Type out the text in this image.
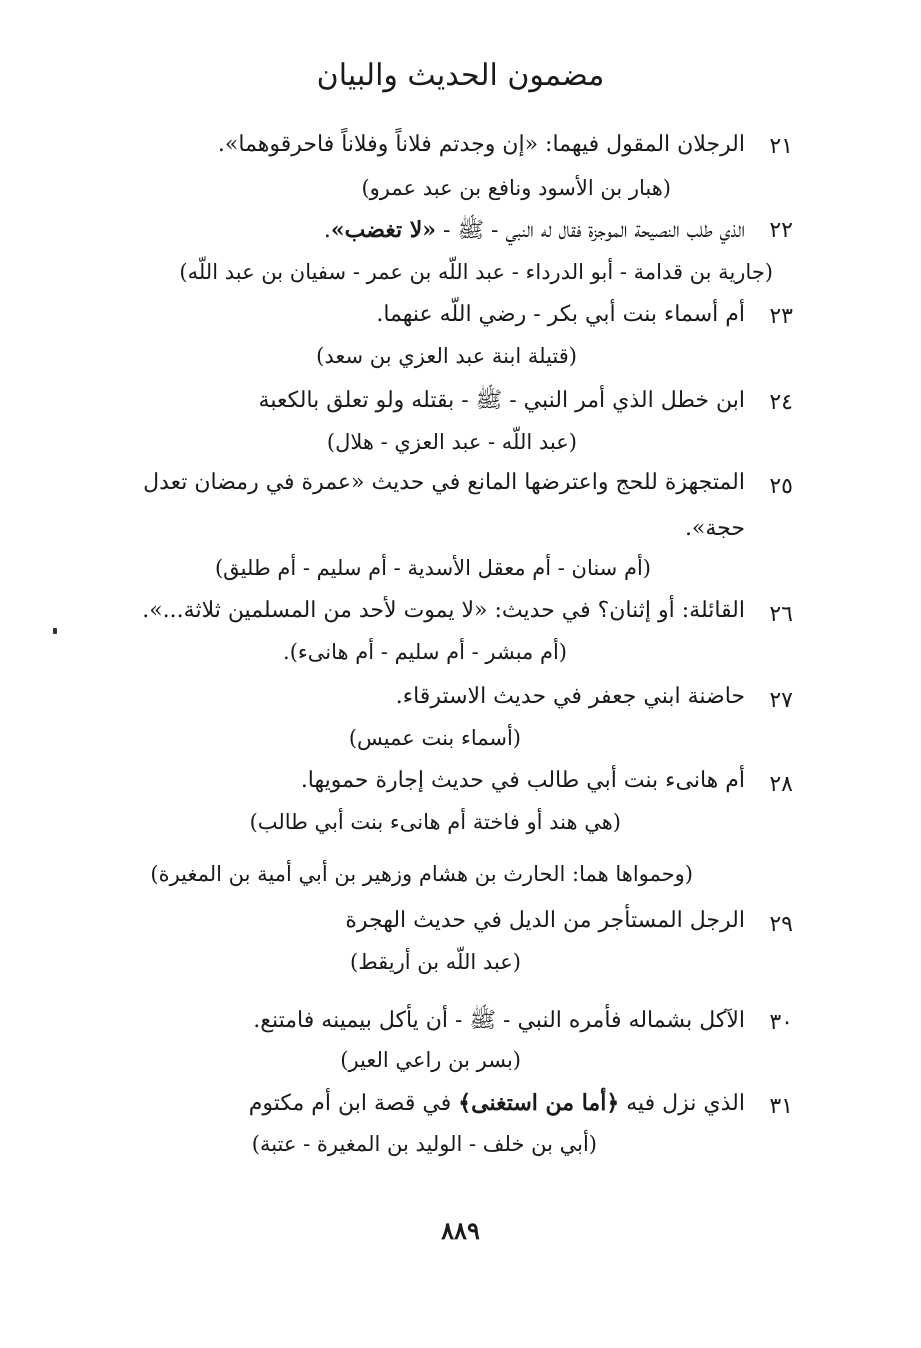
مضمون الحديث والبيان
٢١
الرجلان المقول فيهما: «إن وجدتم فلاناً وفلاناً فاحرقوهما».
(هبار بن الأسود ونافع بن عبد عمرو)
٢٢
الذي طلب النصيحة الموجزة فقال له النبي - ﷺ - «لا تغضب».
(جارية بن قدامة - أبو الدرداء - عبد اللّه بن عمر - سفيان بن عبد اللّه)
٢٣
أم أسماء بنت أبي بكر - رضي اللّه عنهما.
(قتيلة ابنة عبد العزي بن سعد)
٢٤
ابن خطل الذي أمر النبي - ﷺ - بقتله ولو تعلق بالكعبة
(عبد اللّه - عبد العزي - هلال)
٢٥
المتجهزة للحج واعترضها المانع في حديث «عمرة في رمضان تعدل
حجة».
(أم سنان - أم معقل الأسدية - أم سليم - أم طليق)
٢٦
القائلة: أو إثنان؟ في حديث: «لا يموت لأحد من المسلمين ثلاثة...».
(أم مبشر - أم سليم - أم هانىء).
٢٧
حاضنة ابني جعفر في حديث الاسترقاء.
(أسماء بنت عميس)
٢٨
أم هانىء بنت أبي طالب في حديث إجارة حمويها.
(هي هند أو فاختة أم هانىء بنت أبي طالب)
(وحمواها هما: الحارث بن هشام وزهير بن أبي أمية بن المغيرة)
٢٩
الرجل المستأجر من الديل في حديث الهجرة
(عبد اللّه بن أريقط)
٣٠
الآكل بشماله فأمره النبي - ﷺ - أن يأكل بيمينه فامتنع.
(بسر بن راعي العير)
٣١
الذي نزل فيه ﴿أما من استغنى﴾ في قصة ابن أم مكتوم
(أبي بن خلف - الوليد بن المغيرة - عتبة)
٨٨٩
